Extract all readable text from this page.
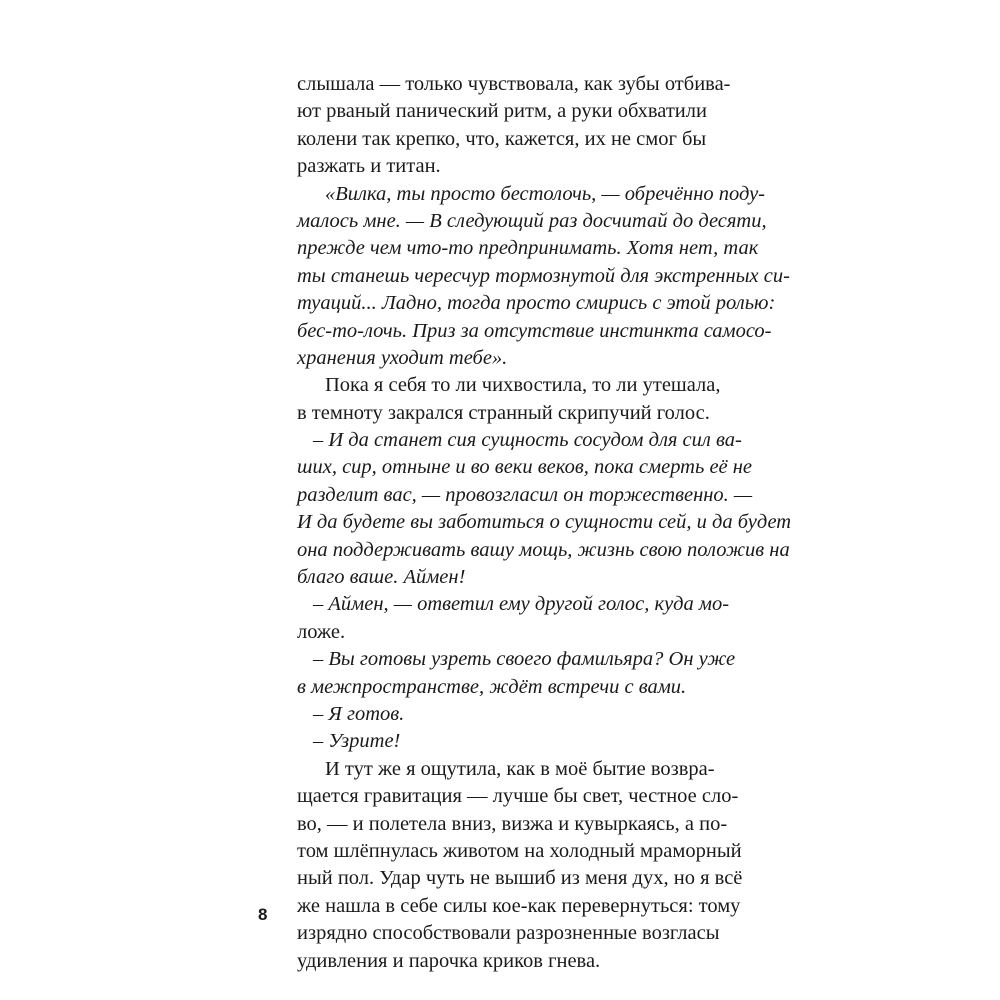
слышала — только чувствовала, как зубы отбива-
ют рваный панический ритм, а руки обхватили
колени так крепко, что, кажется, их не смог бы
разжать и титан.
«Вилка, ты просто бестолочь, — обречённо поду-
малось мне. — В следующий раз досчитай до десяти,
прежде чем что-то предпринимать. Хотя нет, так
ты станешь чересчур тормознутой для экстренных си-
туаций... Ладно, тогда просто смирись с этой ролью:
бес-то-лочь. Приз за отсутствие инстинкта самосо-
хранения уходит тебе».
Пока я себя то ли чихвостила, то ли утешала,
в темноту закрался странный скрипучий голос.
– И да станет сия сущность сосудом для сил ва-
ших, сир, отныне и во веки веков, пока смерть её не
разделит вас, — провозгласил он торжественно. —
И да будете вы заботиться о сущности сей, и да будет
она поддерживать вашу мощь, жизнь свою положив на
благо ваше. Аймен!
– Аймен, — ответил ему другой голос, куда мо-
ложе.
– Вы готовы узреть своего фамильяра? Он уже
в межпространстве, ждёт встречи с вами.
– Я готов.
– Узрите!
И тут же я ощутила, как в моё бытие возвра-
щается гравитация — лучше бы свет, честное сло-
во, — и полетела вниз, визжа и кувыркаясь, а по-
том шлёпнулась животом на холодный мраморный
ный пол. Удар чуть не вышиб из меня дух, но я всё
же нашла в себе силы кое-как перевернуться: тому
изрядно способствовали разрозненные возгласы
удивления и парочка криков гнева.
8
